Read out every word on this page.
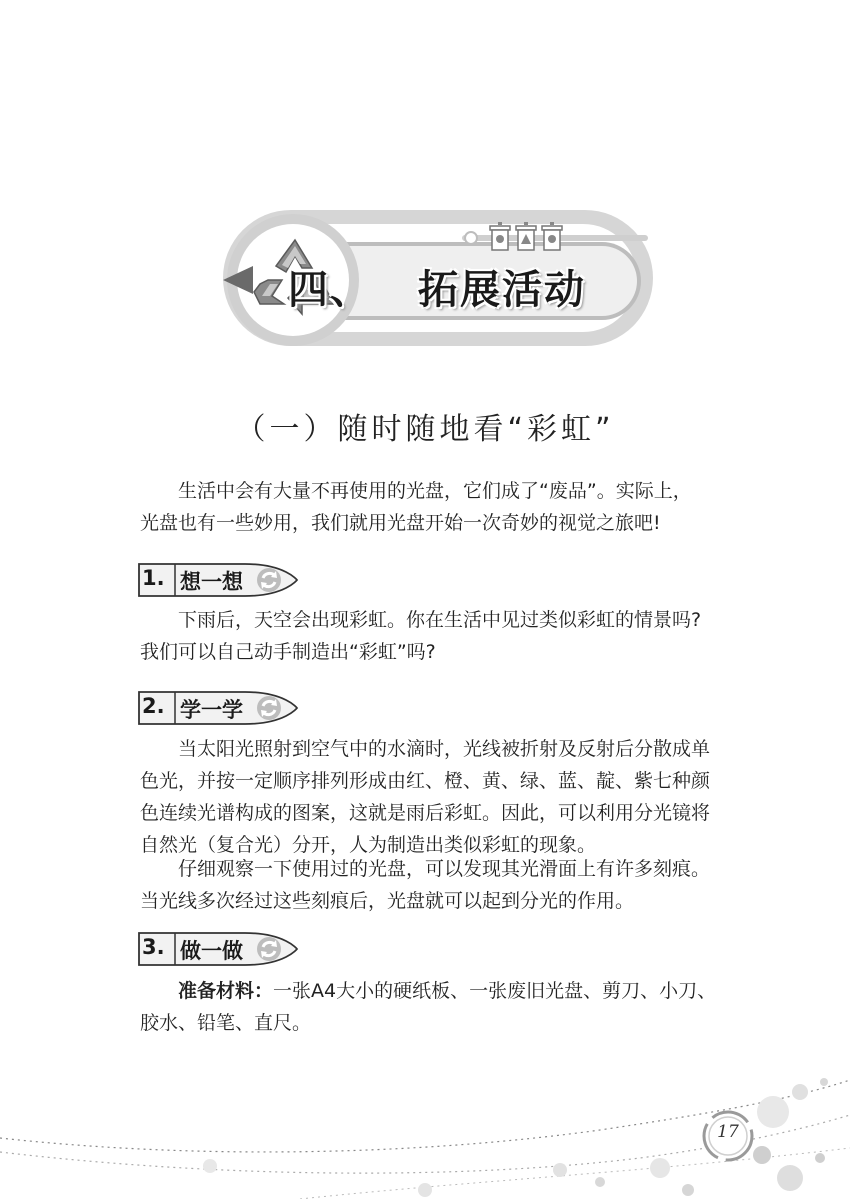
四、 拓展活动
（一）随时随地看“彩虹”
生活中会有大量不再使用的光盘，它们成了“废品”。实际上，
光盘也有一些妙用，我们就用光盘开始一次奇妙的视觉之旅吧!
1. 想一想
下雨后，天空会出现彩虹。你在生活中见过类似彩虹的情景吗?
我们可以自己动手制造出“彩虹”吗?
2. 学一学
当太阳光照射到空气中的水滴时，光线被折射及反射后分散成单
色光，并按一定顺序排列形成由红、橙、黄、绿、蓝、靛、紫七种颜
色连续光谱构成的图案，这就是雨后彩虹。因此，可以利用分光镜将
自然光（复合光）分开，人为制造出类似彩虹的现象。
仔细观察一下使用过的光盘，可以发现其光滑面上有许多刻痕。
当光线多次经过这些刻痕后，光盘就可以起到分光的作用。
3. 做一做
准备材料：一张A4大小的硬纸板、一张废旧光盘、剪刀、小刀、
胶水、铅笔、直尺。
17
